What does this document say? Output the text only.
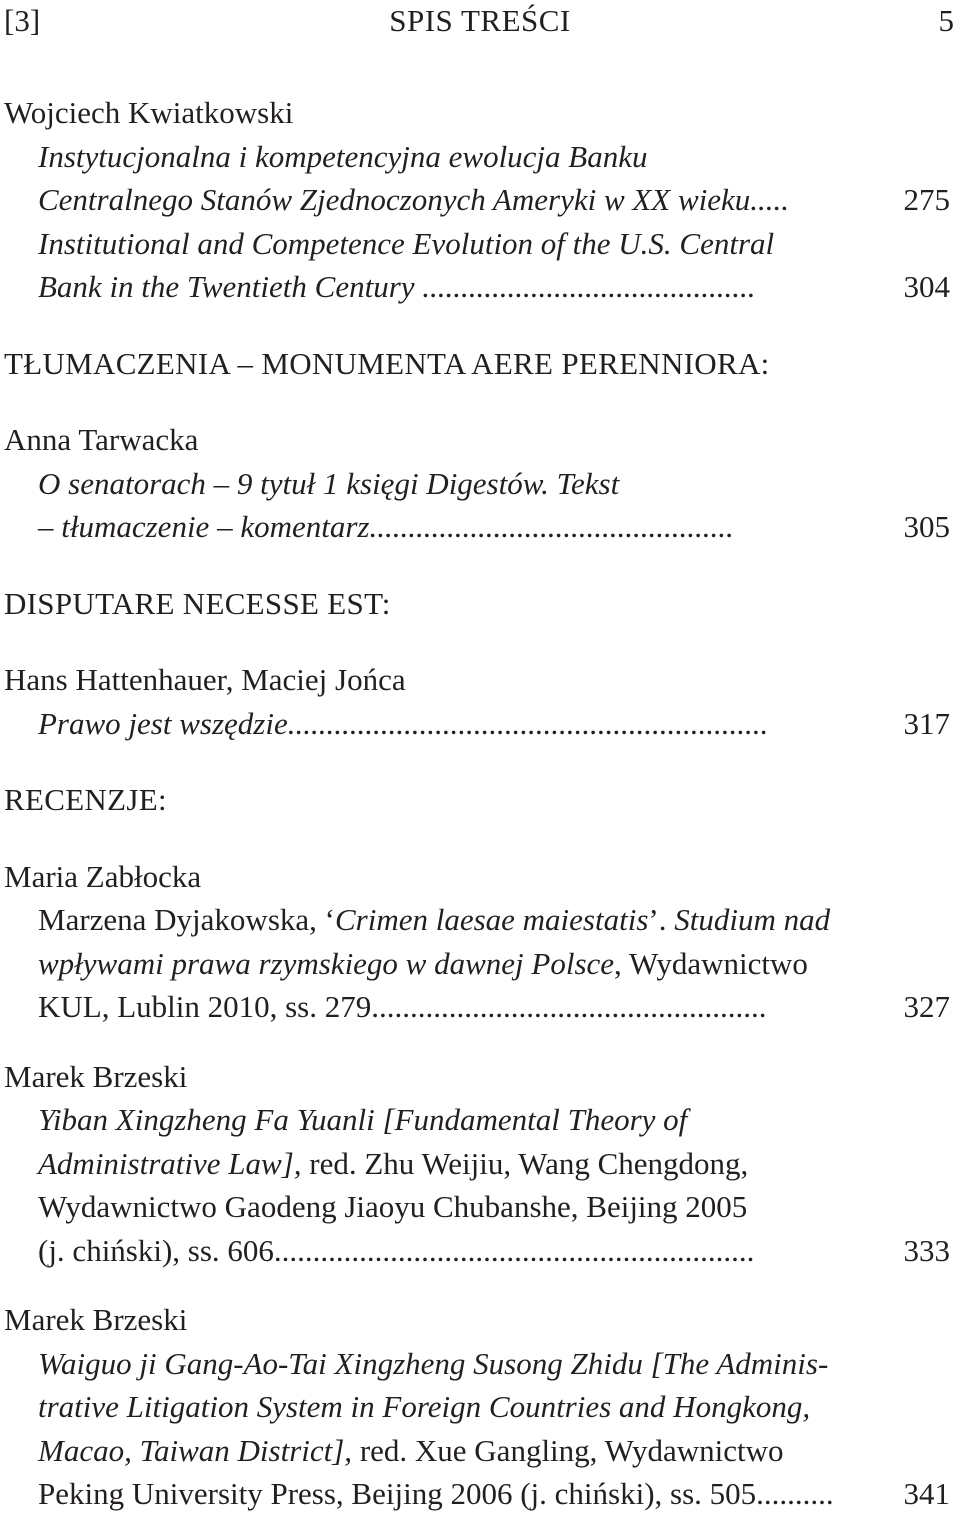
[3]	SPIS TREŚCI	5

Wojciech Kwiatkowski

Instytucjonalna i kompetencyjna ewolucja Banku

Centralnego Stanów Zjednoczonych Ameryki w XX wieku.....	275

Institutional and Competence Evolution of the U.S. Central

Bank in the Twentieth Century ...........................................	304

TŁUMACZENIA – MONUMENTA AERE PERENNIORA:

Anna Tarwacka

O senatorach – 9 tytuł 1 księgi Digestów. Tekst

– tłumaczenie – komentarz...............................................	305

DISPUTARE NECESSE EST:

Hans Hattenhauer, Maciej Jońca

Prawo jest wszędzie..............................................................	317

RECENZJE:

Maria Zabłocka

Marzena Dyjakowska, ‘Crimen laesae maiestatis’. Studium nad

wpływami prawa rzymskiego w dawnej Polsce, Wydawnictwo

KUL, Lublin 2010, ss. 279...................................................	327

Marek Brzeski

Yiban Xingzheng Fa Yuanli [Fundamental Theory of

Administrative Law], red. Zhu Weijiu, Wang Chengdong,

Wydawnictwo Gaodeng Jiaoyu Chubanshe, Beijing 2005

(j. chiński), ss. 606..............................................................	333

Marek Brzeski

Waiguo ji Gang-Ao-Tai Xingzheng Susong Zhidu [The Adminis-

trative Litigation System in Foreign Countries and Hongkong,

Macao, Taiwan District], red. Xue Gangling, Wydawnictwo

Peking University Press, Beijing 2006 (j. chiński), ss. 505.......... 341
